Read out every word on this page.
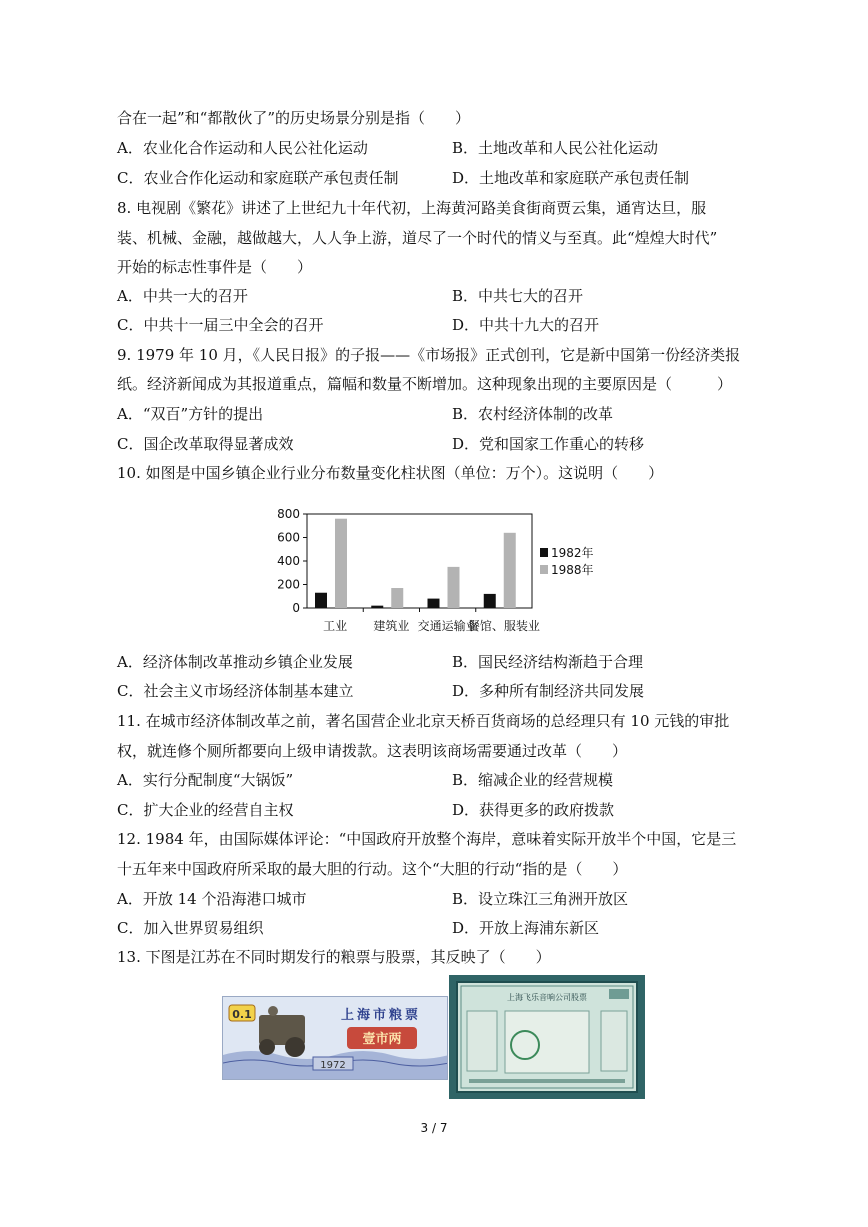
合在一起”和“都散伙了”的历史场景分别是指（　　）
A．农业化合作运动和人民公社化运动	B．土地改革和人民公社化运动
C．农业合作化运动和家庭联产承包责任制	D．土地改革和家庭联产承包责任制
8. 电视剧《繁花》讲述了上世纪九十年代初，上海黄河路美食街商贾云集，通宵达旦，服
装、机械、金融，越做越大，人人争上游，道尽了一个时代的情义与至真。此“煌煌大时代”
开始的标志性事件是（　　）
A．中共一大的召开	B．中共七大的召开
C．中共十一届三中全会的召开	D．中共十九大的召开
9. 1979 年 10 月，《人民日报》的子报——《市场报》正式创刊，它是新中国第一份经济类报
纸。经济新闻成为其报道重点，篇幅和数量不断增加。这种现象出现的主要原因是（　　　）
A．“双百”方针的提出	B．农村经济体制的改革
C．国企改革取得显著成效	D．党和国家工作重心的转移
10. 如图是中国乡镇企业行业分布数量变化柱状图（单位：万个）。这说明（　　）
A．经济体制改革推动乡镇企业发展	B．国民经济结构渐趋于合理
C．社会主义市场经济体制基本建立	D．多种所有制经济共同发展
11. 在城市经济体制改革之前，著名国营企业北京天桥百货商场的总经理只有 10 元钱的审批
权，就连修个厕所都要向上级申请拨款。这表明该商场需要通过改革（　　）
A．实行分配制度“大锅饭”	B．缩减企业的经营规模
C．扩大企业的经营自主权	D．获得更多的政府拨款
12. 1984 年，由国际媒体评论：“中国政府开放整个海岸，意味着实际开放半个中国，它是三
十五年来中国政府所采取的最大胆的行动。这个“大胆的行动“指的是（　　）
A．开放 14 个沿海港口城市	B．设立珠江三角洲开放区
C．加入世界贸易组织	D．开放上海浦东新区
13. 下图是江苏在不同时期发行的粮票与股票，其反映了（　　）
0
200
400
600
800
工业 建筑业 交通运输业
餐馆、服装业
1982年
1988年
0.1	上海市粮票
壹市两
1972
上海飞乐音响公司股票
3 / 7
